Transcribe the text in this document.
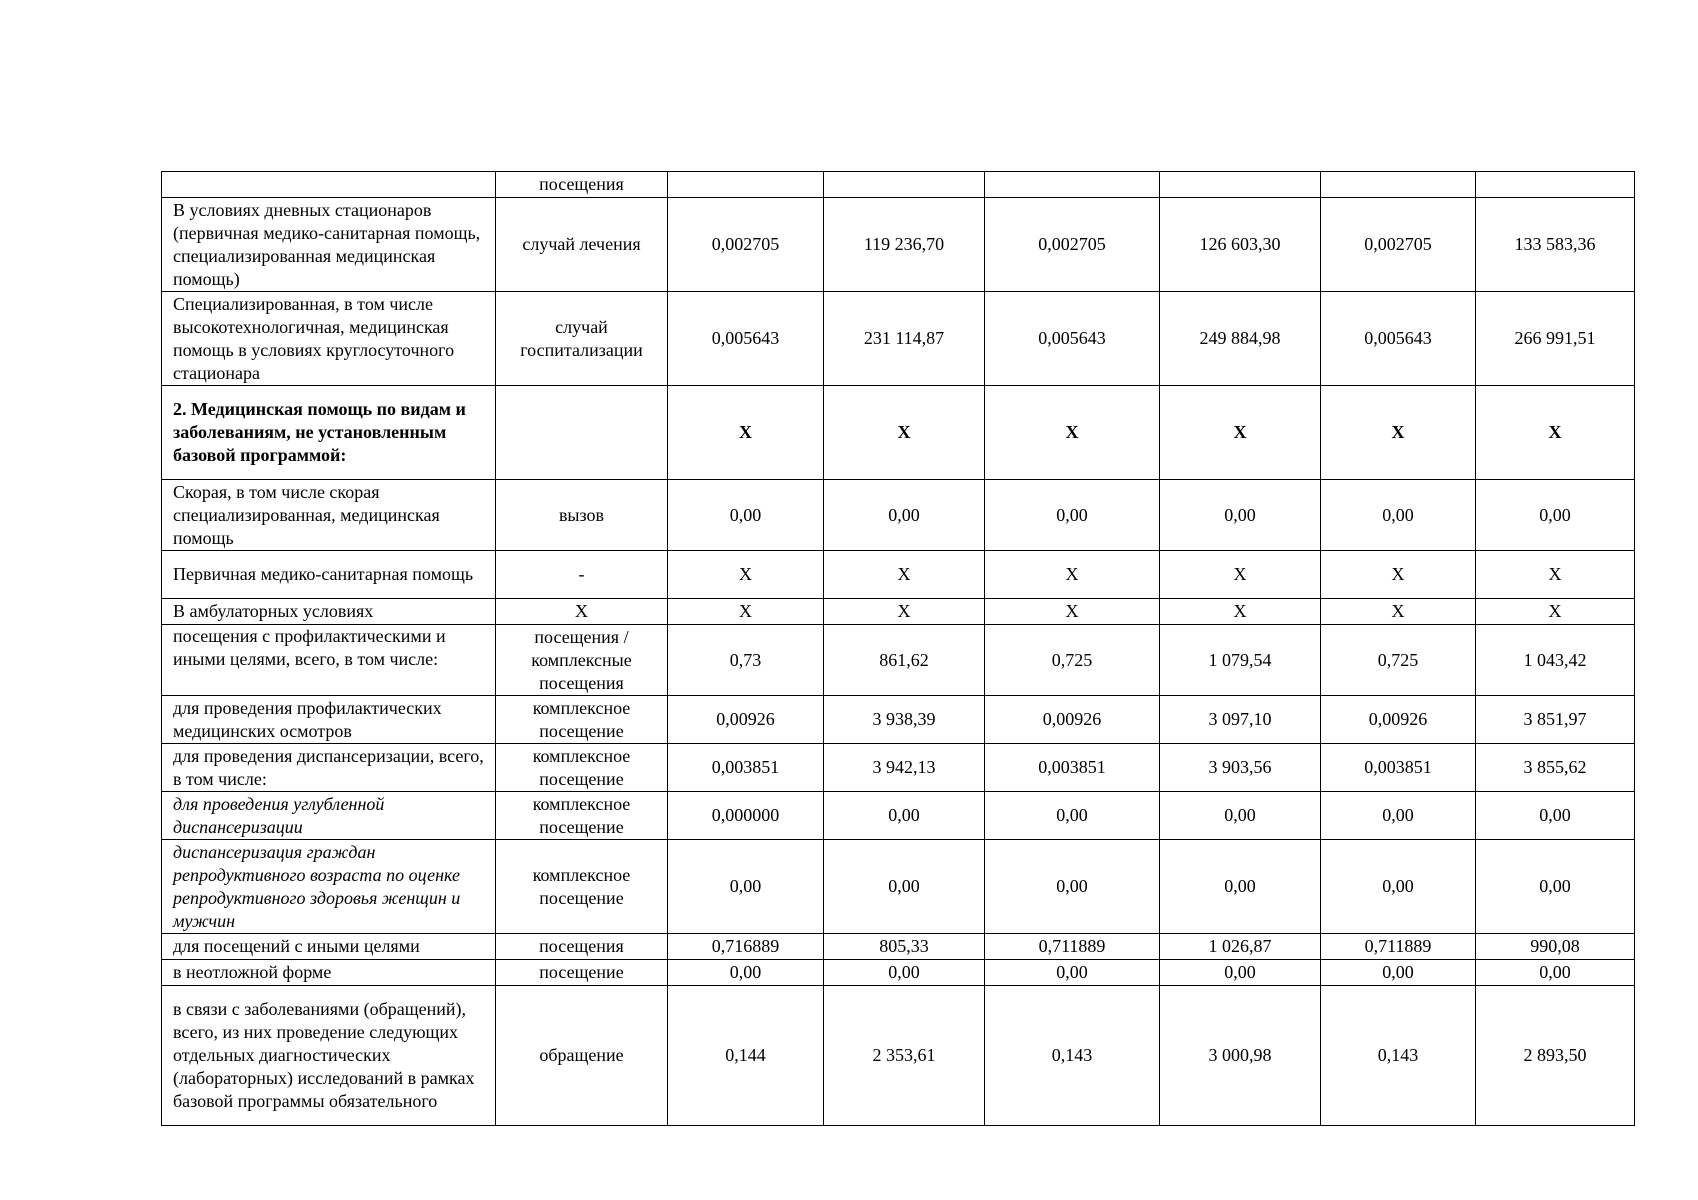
	посещения						
В условиях дневных стационаров (первичная медико-санитарная помощь, специализированная медицинская помощь)	случай лечения	0,002705	119 236,70	0,002705	126 603,30	0,002705	133 583,36
Специализированная, в том числе высокотехнологичная, медицинская помощь в условиях круглосуточного стационара	случай госпитализации	0,005643	231 114,87	0,005643	249 884,98	0,005643	266 991,51
2. Медицинская помощь по видам и заболеваниям, не установленным базовой программой:		Х	Х	Х	Х	Х	Х
Скорая, в том числе скорая специализированная, медицинская помощь	вызов	0,00	0,00	0,00	0,00	0,00	0,00
Первичная медико-санитарная помощь	-	Х	Х	Х	Х	Х	Х
В амбулаторных условиях	Х	Х	Х	Х	Х	Х	Х
посещения с профилактическими и иными целями, всего, в том числе:	посещения / комплексные посещения	0,73	861,62	0,725	1 079,54	0,725	1 043,42
для проведения профилактических медицинских осмотров	комплексное посещение	0,00926	3 938,39	0,00926	3 097,10	0,00926	3 851,97
для проведения диспансеризации, всего, в том числе:	комплексное посещение	0,003851	3 942,13	0,003851	3 903,56	0,003851	3 855,62
для проведения углубленной диспансеризации	комплексное посещение	0,000000	0,00	0,00	0,00	0,00	0,00
диспансеризация граждан репродуктивного возраста по оценке репродуктивного здоровья женщин и мужчин	комплексное посещение	0,00	0,00	0,00	0,00	0,00	0,00
для посещений с иными целями	посещения	0,716889	805,33	0,711889	1 026,87	0,711889	990,08
в неотложной форме	посещение	0,00	0,00	0,00	0,00	0,00	0,00
в связи с заболеваниями (обращений), всего, из них проведение следующих отдельных диагностических (лабораторных) исследований в рамках базовой программы обязательного	обращение	0,144	2 353,61	0,143	3 000,98	0,143	2 893,50
